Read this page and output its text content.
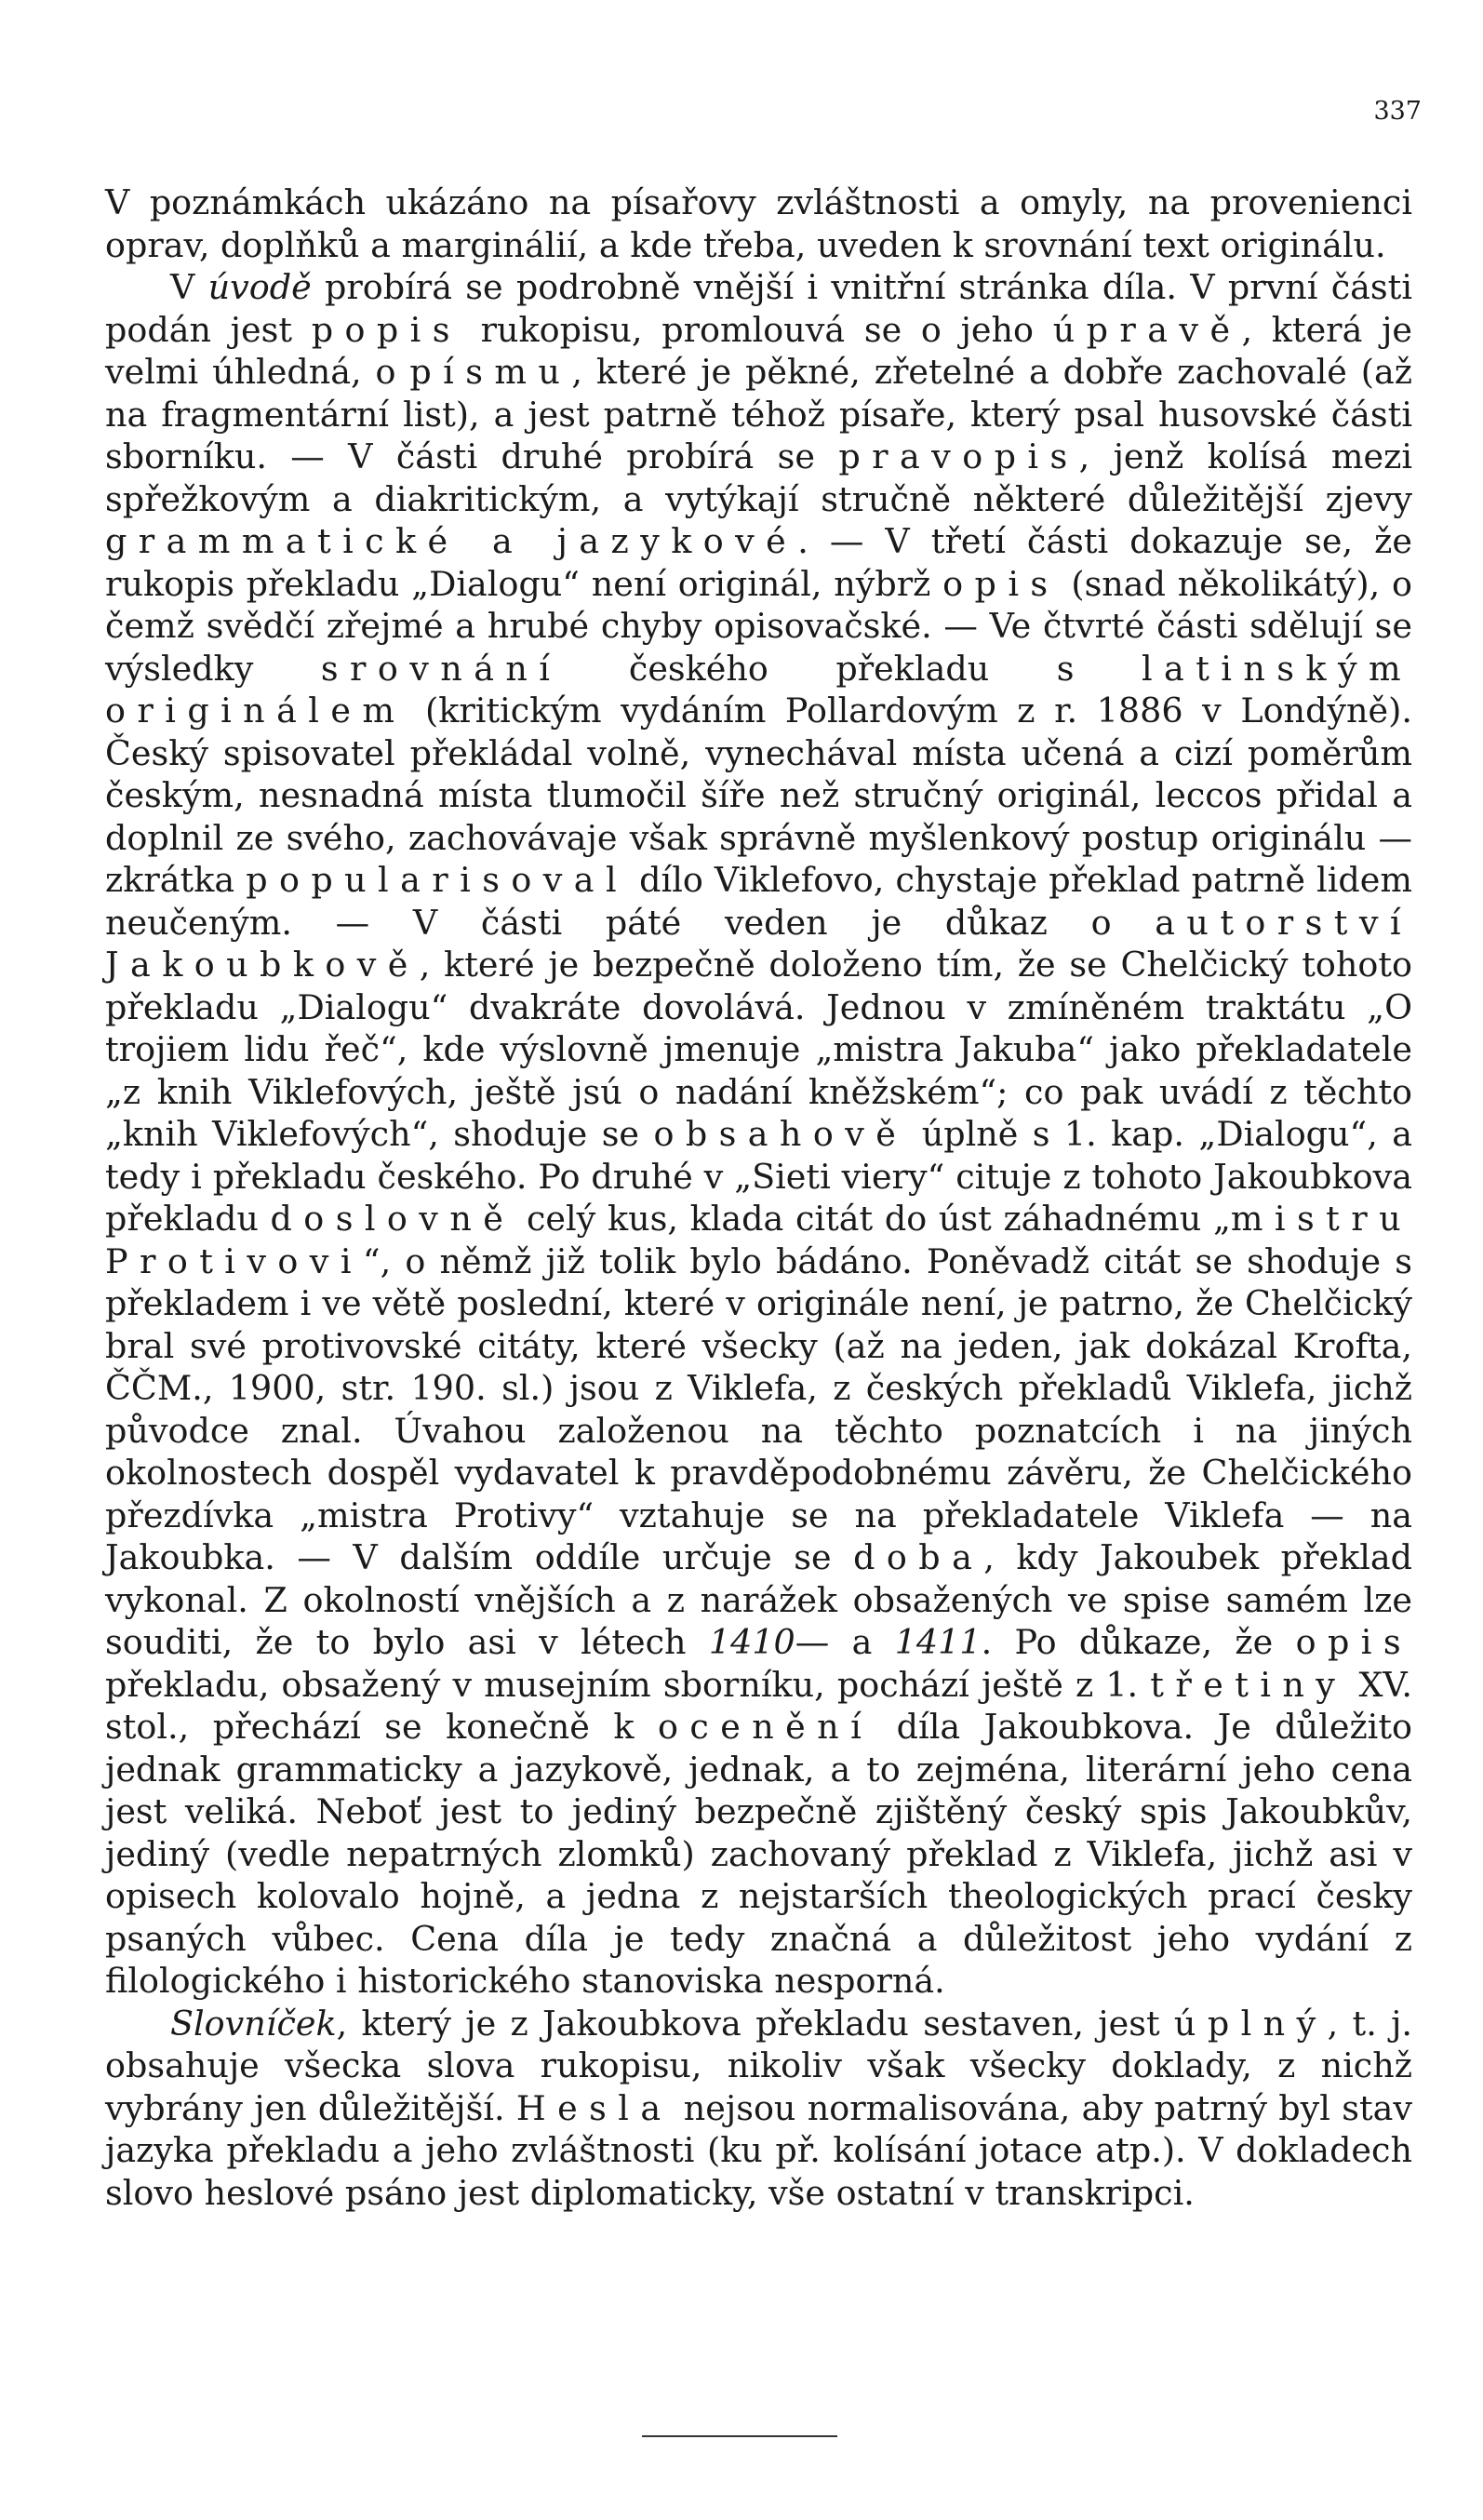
337

V poznámkách ukázáno na písařovy zvláštnosti a omyly, na provenienci oprav, doplňků a marginálií, a kde třeba, uveden k srovnání text originálu.

V úvodě probírá se podrobně vnější i vnitřní stránka díla. V první části podán jest popis rukopisu, promlouvá se o jeho úpravě, která je velmi úhledná, o písmu, které je pěkné, zřetelné a dobře zachovalé (až na fragmentární list), a jest patrně téhož písaře, který psal husovské části sborníku. — V části druhé probírá se pravopis, jenž kolísá mezi spřežkovým a diakritickým, a vytýkají stručně některé důležitější zjevy grammatické a jazykové. — V třetí části dokazuje se, že rukopis překladu „Dialogu“ není originál, nýbrž opis (snad několikátý), o čemž svědčí zřejmé a hrubé chyby opisovačské. — Ve čtvrté části sdělují se výsledky srovnání českého překladu s latinským originálem (kritickým vydáním Pollardovým z r. 1886 v Londýně). Český spisovatel překládal volně, vynechával místa učená a cizí poměrům českým, nesnadná místa tlumočil šíře než stručný originál, leccos přidal a doplnil ze svého, zachovávaje však správně myšlenkový postup originálu — zkrátka popularisoval dílo Viklefovo, chystaje překlad patrně lidem neučeným. — V části páté veden je důkaz o autorství Jakoubkově, které je bezpečně doloženo tím, že se Chelčický tohoto překladu „Dialogu“ dvakráte dovolává. Jednou v zmíněném traktátu „O trojiem lidu řeč“, kde výslovně jmenuje „mistra Jakuba“ jako překladatele „z knih Viklefových, ještě jsú o nadání kněžském“; co pak uvádí z těchto „knih Viklefových“, shoduje se obsahově úplně s 1. kap. „Dialogu“, a tedy i překladu českého. Po druhé v „Sieti viery“ cituje z tohoto Jakoubkova překladu doslovně celý kus, klada citát do úst záhadnému „mistru Protivovi“, o němž již tolik bylo bádáno. Poněvadž citát se shoduje s překladem i ve větě poslední, které v originále není, je patrno, že Chelčický bral své protivovské citáty, které všecky (až na jeden, jak dokázal Krofta, ČČM., 1900, str. 190. sl.) jsou z Viklefa, z českých překladů Viklefa, jichž původce znal. Úvahou založenou na těchto poznatcích i na jiných okolnostech dospěl vydavatel k pravděpodobnému závěru, že Chelčického přezdívka „mistra Protivy“ vztahuje se na překladatele Viklefa — na Jakoubka. — V dalším oddíle určuje se doba, kdy Jakoubek překlad vykonal. Z okolností vnějších a z narážek obsažených ve spise samém lze souditi, že to bylo asi v létech 1410— a 1411. Po důkaze, že opis překladu, obsažený v musejním sborníku, pochází ještě z 1. třetiny XV. stol., přechází se konečně k ocenění díla Jakoubkova. Je důležito jednak grammaticky a jazykově, jednak, a to zejména, literární jeho cena jest veliká. Neboť jest to jediný bezpečně zjištěný český spis Jakoubkův, jediný (vedle nepatrných zlomků) zachovaný překlad z Viklefa, jichž asi v opisech kolovalo hojně, a jedna z nejstarších theologických prací česky psaných vůbec. Cena díla je tedy značná a důležitost jeho vydání z filologického i historického stanoviska nesporná.

Slovníček, který je z Jakoubkova překladu sestaven, jest úplný, t. j. obsahuje všecka slova rukopisu, nikoliv však všecky doklady, z nichž vybrány jen důležitější. Hesla nejsou normalisována, aby patrný byl stav jazyka překladu a jeho zvláštnosti (ku př. kolísání jotace atp.). V dokladech slovo heslové psáno jest diplomaticky, vše ostatní v transkripci.
